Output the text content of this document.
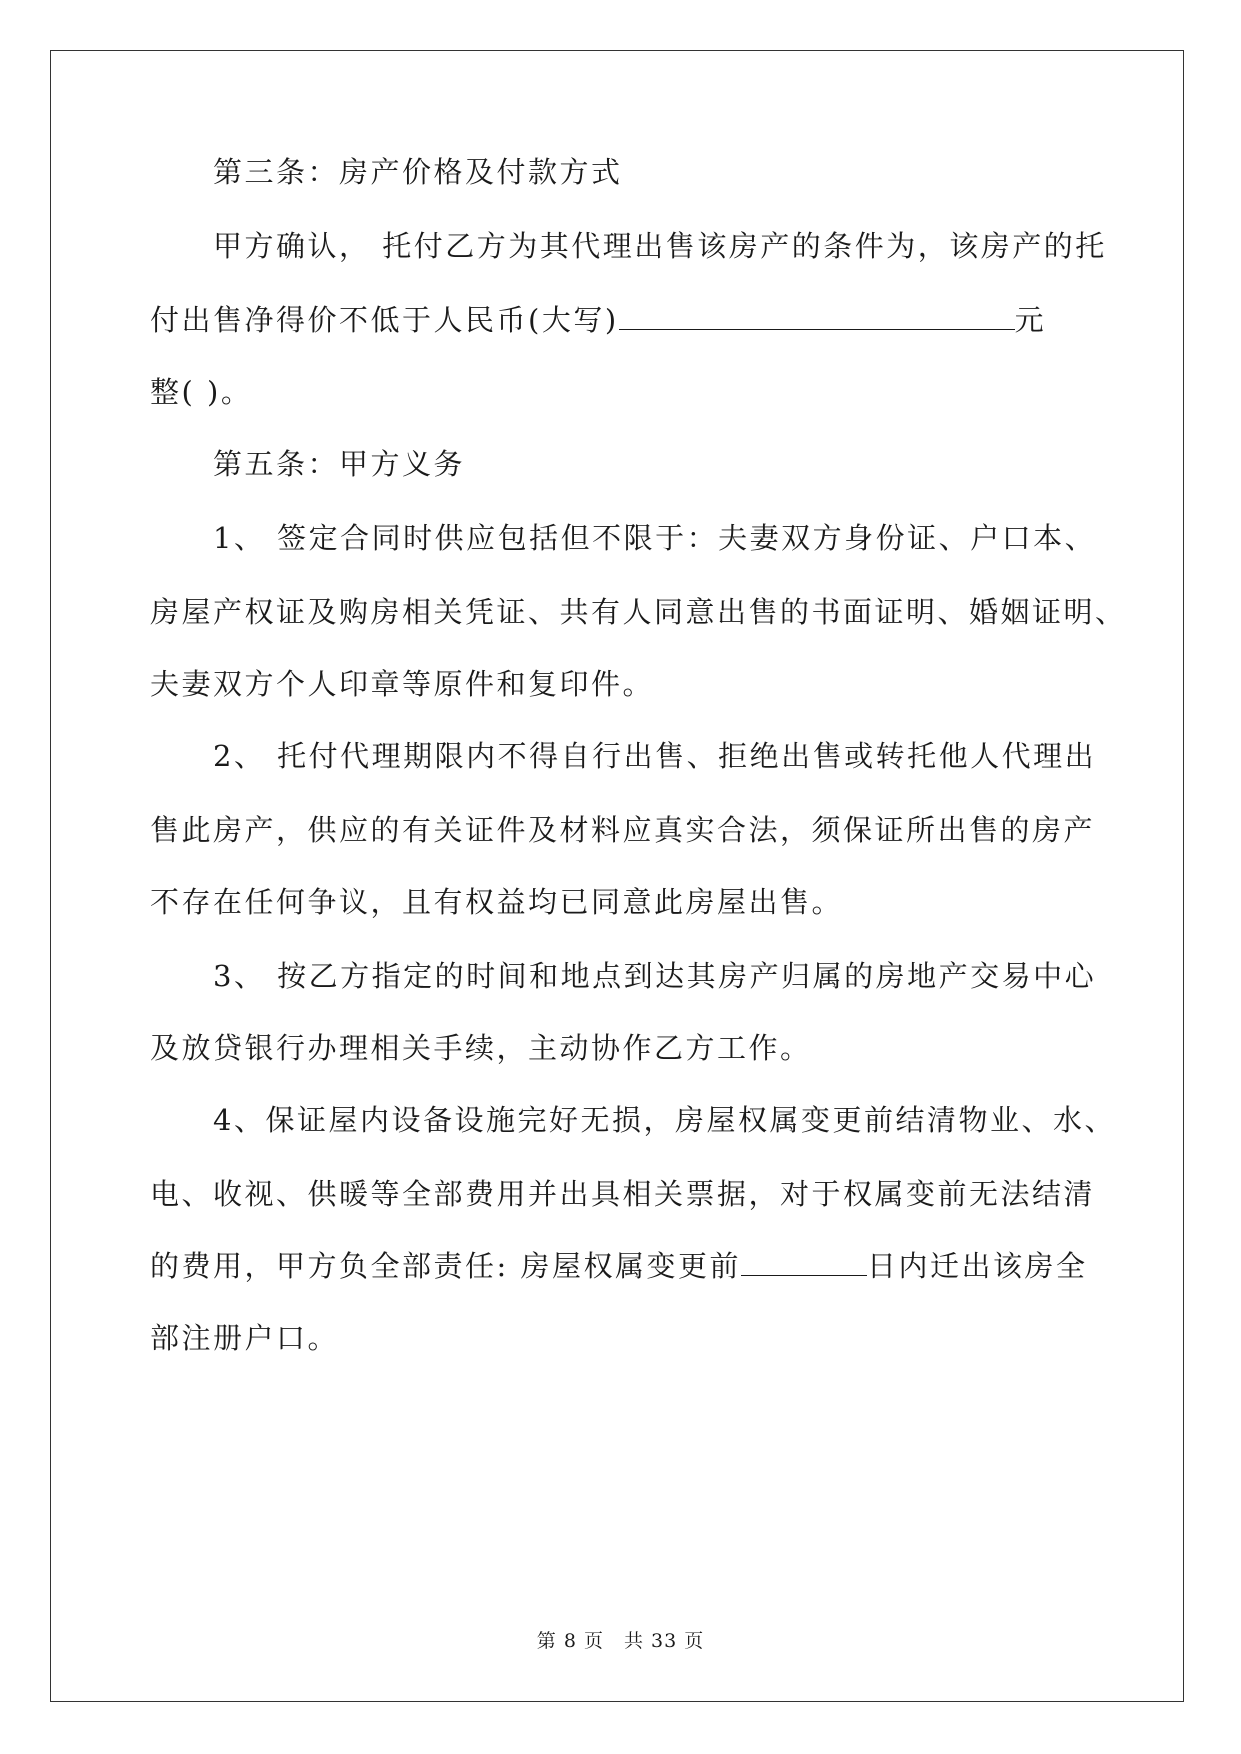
第三条：房产价格及付款方式
甲方确认， 托付乙方为其代理出售该房产的条件为，该房产的托
付出售净得价不低于人民币(大写)	元
整( )。
第五条：甲方义务
1、 签定合同时供应包括但不限于：夫妻双方身份证、户口本、
房屋产权证及购房相关凭证、共有人同意出售的书面证明、婚姻证明、
夫妻双方个人印章等原件和复印件。
2、 托付代理期限内不得自行出售、拒绝出售或转托他人代理出
售此房产，供应的有关证件及材料应真实合法，须保证所出售的房产
不存在任何争议，且有权益均已同意此房屋出售。
3、 按乙方指定的时间和地点到达其房产归属的房地产交易中心
及放贷银行办理相关手续，主动协作乙方工作。
4、保证屋内设备设施完好无损，房屋权属变更前结清物业、水、
电、收视、供暖等全部费用并出具相关票据，对于权属变前无法结清
的费用，甲方负全部责任: 房屋权属变更前	日内迁出该房全
部注册户口。
第 8 页　共 33 页
